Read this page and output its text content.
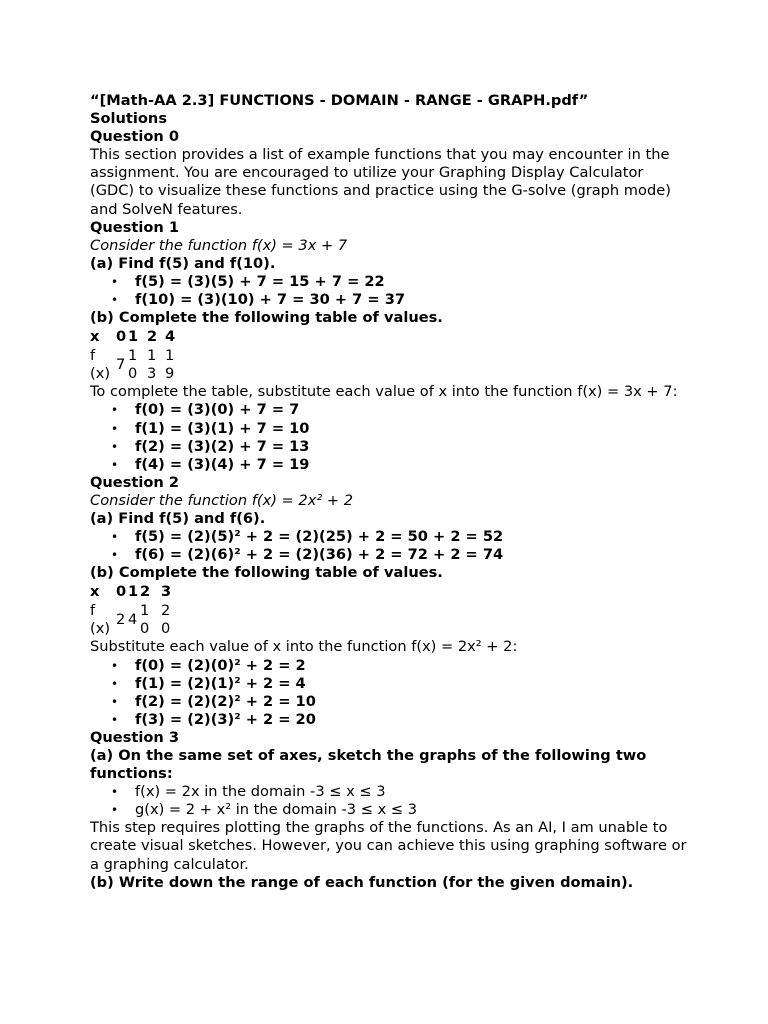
“[Math-AA 2.3] FUNCTIONS - DOMAIN - RANGE - GRAPH.pdf”
Solutions
Question 0
This section provides a list of example functions that you may encounter in the assignment. You are encouraged to utilize your Graphing Display Calculator (GDC) to visualize these functions and practice using the G-solve (graph mode) and SolveN features.
Question 1
Consider the function f(x) = 3x + 7
(a) Find f(5) and f(10).
• f(5) = (3)(5) + 7 = 15 + 7 = 22
• f(10) = (3)(10) + 7 = 30 + 7 = 37
(b) Complete the following table of values.
x	0	1	2	4

f(x)	7	10	13	19
To complete the table, substitute each value of x into the function f(x) = 3x + 7:
• f(0) = (3)(0) + 7 = 7
• f(1) = (3)(1) + 7 = 10
• f(2) = (3)(2) + 7 = 13
• f(4) = (3)(4) + 7 = 19
Question 2
Consider the function f(x) = 2x² + 2
(a) Find f(5) and f(6).
• f(5) = (2)(5)² + 2 = (2)(25) + 2 = 50 + 2 = 52
• f(6) = (2)(6)² + 2 = (2)(36) + 2 = 72 + 2 = 74
(b) Complete the following table of values.
x	0	1	2	3

f(x)	2	4	10	20
Substitute each value of x into the function f(x) = 2x² + 2:
• f(0) = (2)(0)² + 2 = 2
• f(1) = (2)(1)² + 2 = 4
• f(2) = (2)(2)² + 2 = 10
• f(3) = (2)(3)² + 2 = 20
Question 3
(a) On the same set of axes, sketch the graphs of the following two functions:
• f(x) = 2x in the domain -3 ≤ x ≤ 3
• g(x) = 2 + x² in the domain -3 ≤ x ≤ 3
This step requires plotting the graphs of the functions. As an AI, I am unable to create visual sketches. However, you can achieve this using graphing software or a graphing calculator.
(b) Write down the range of each function (for the given domain).
